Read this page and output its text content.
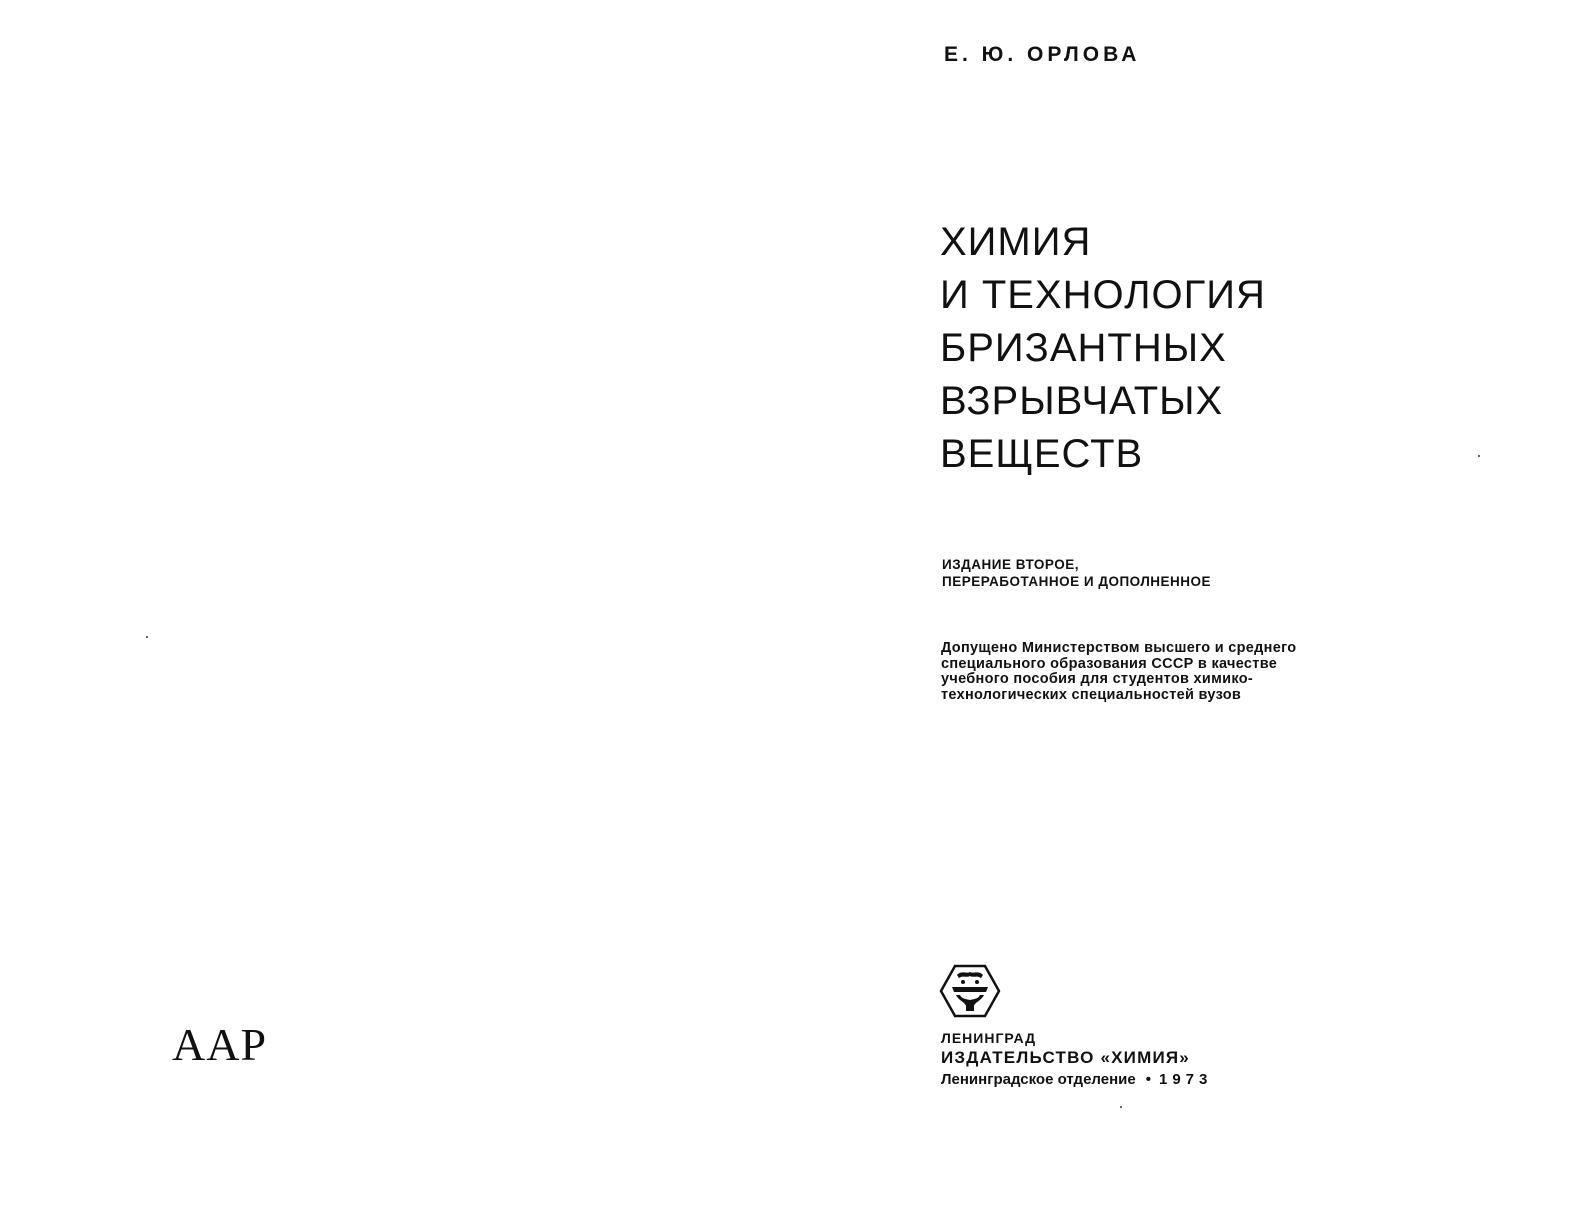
AAP
Е. Ю. ОРЛОВА
ХИМИЯ
И ТЕХНОЛОГИЯ
БРИЗАНТНЫХ
ВЗРЫВЧАТЫХ
ВЕЩЕСТВ
ИЗДАНИЕ ВТОРОЕ,
ПЕРЕРАБОТАННОЕ И ДОПОЛНЕННОЕ
Допущено Министерством высшего и среднего
специального образования СССР в качестве
учебного пособия для студентов химико-
технологических специальностей вузов
ЛЕНИНГРАД
ИЗДАТЕЛЬСТВО «ХИМИЯ»
Ленинградское отделение • 1973
